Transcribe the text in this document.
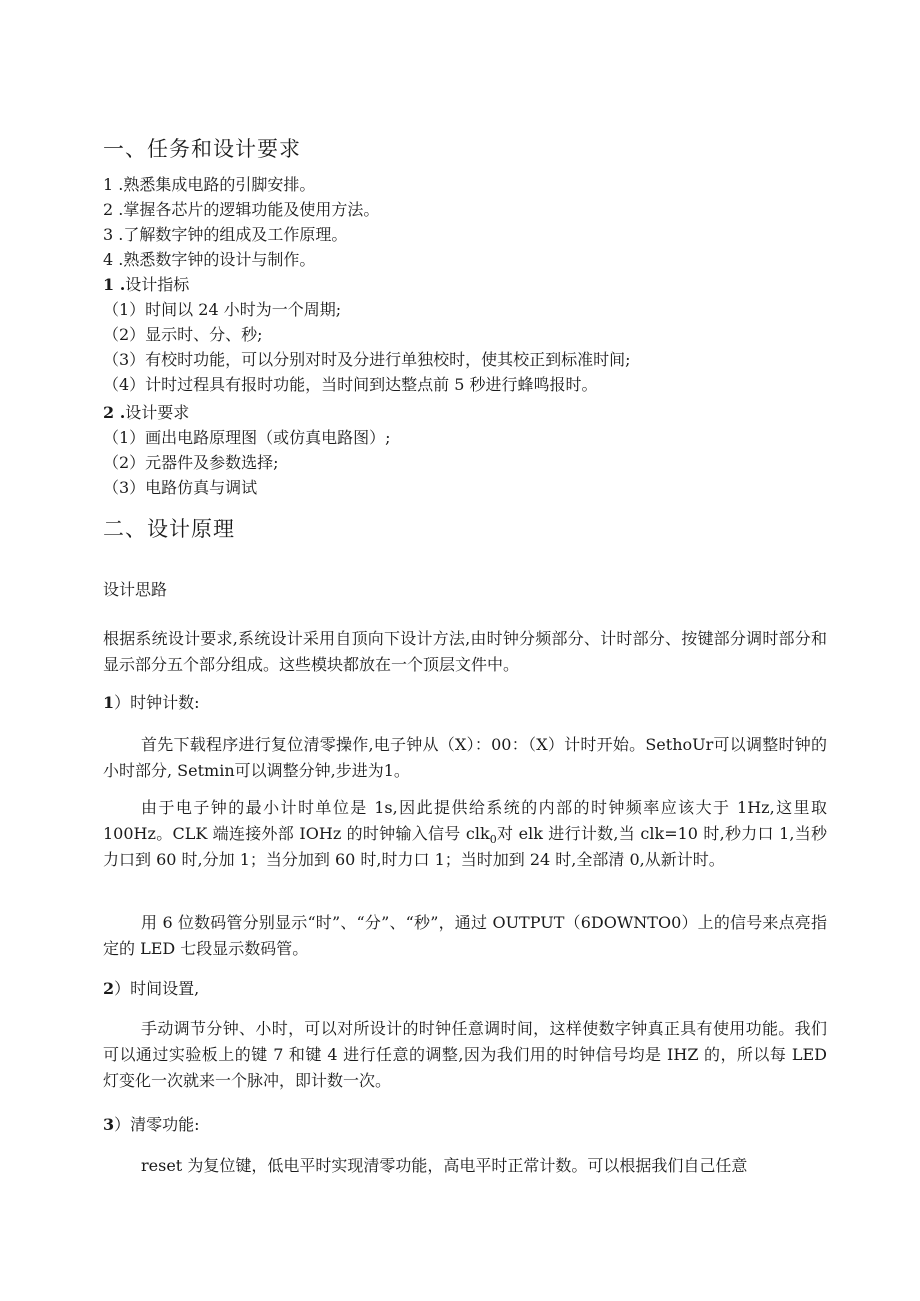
一、任务和设计要求
1 .熟悉集成电路的引脚安排。
2 .掌握各芯片的逻辑功能及使用方法。
3 .了解数字钟的组成及工作原理。
4 .熟悉数字钟的设计与制作。
1 .设计指标
（1）时间以 24 小时为一个周期;
（2）显示时、分、秒;
（3）有校时功能，可以分别对时及分进行单独校时，使其校正到标准时间;
（4）计时过程具有报时功能，当时间到达整点前 5 秒进行蜂鸣报时。
2 .设计要求
（1）画出电路原理图（或仿真电路图）;
（2）元器件及参数选择;
（3）电路仿真与调试
二、设计原理
设计思路
根据系统设计要求,系统设计采用自顶向下设计方法,由时钟分频部分、计时部分、按键部分调时部分和显示部分五个部分组成。这些模块都放在一个顶层文件中。
1）时钟计数:
首先下载程序进行复位清零操作,电子钟从（X）：00：（X）计时开始。SethoUr可以调整时钟的小时部分, Setmin可以调整分钟,步进为1。
由于电子钟的最小计时单位是 1s,因此提供给系统的内部的时钟频率应该大于 1Hz,这里取 100Hz。CLK 端连接外部 IOHz 的时钟输入信号 clk$_0$对 elk 进行计数,当 clk=10 时,秒力口 1,当秒力口到 60 时,分加 1；当分加到 60 时,时力口 1；当时加到 24 时,全部清 0,从新计时。
用 6 位数码管分别显示“时”、“分”、“秒”，通过 OUTPUT（6DOWNTO0）上的信号来点亮指定的 LED 七段显示数码管。
2）时间设置,
手动调节分钟、小时，可以对所设计的时钟任意调时间，这样使数字钟真正具有使用功能。我们可以通过实验板上的键 7 和键 4 进行任意的调整,因为我们用的时钟信号均是 IHZ 的，所以每 LED 灯变化一次就来一个脉冲，即计数一次。
3）清零功能:
reset 为复位键，低电平时实现清零功能，高电平时正常计数。可以根据我们自己任意
